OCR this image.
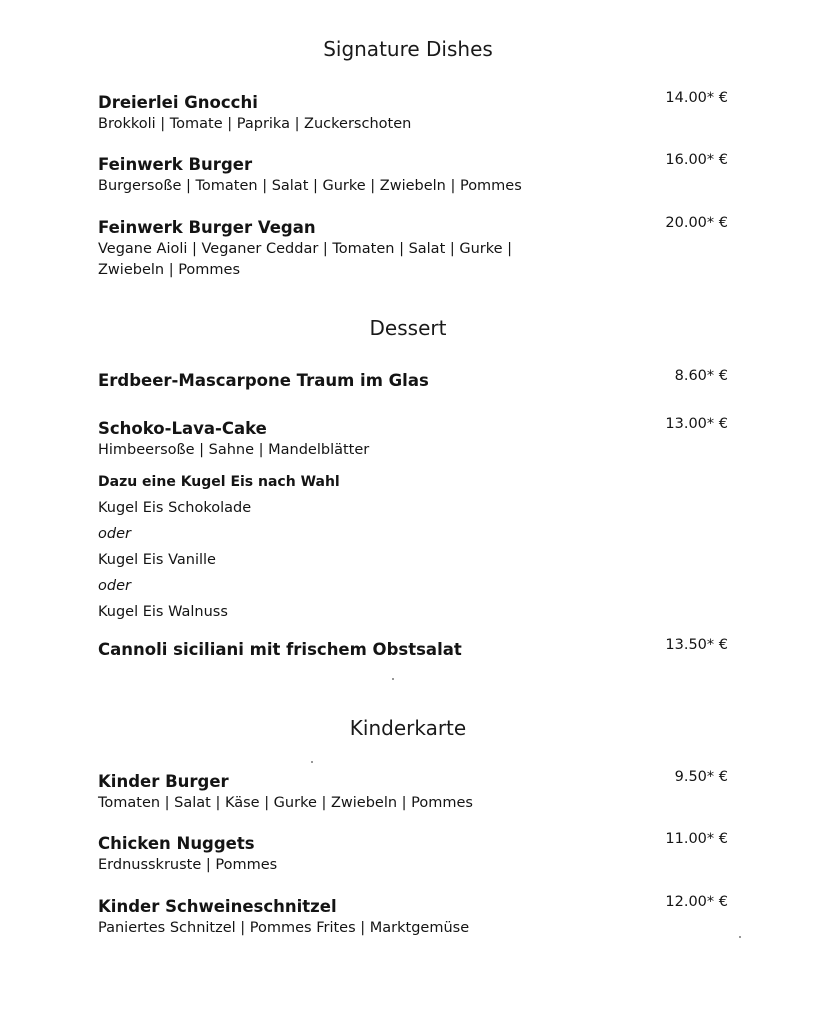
Signature Dishes
Dreierlei Gnocchi
Brokkoli | Tomate | Paprika | Zuckerschoten
14.00* €
Feinwerk Burger
Burgersoße | Tomaten | Salat | Gurke | Zwiebeln | Pommes
16.00* €
Feinwerk Burger Vegan
Vegane Aioli | Veganer Ceddar | Tomaten | Salat | Gurke | Zwiebeln | Pommes
20.00* €
Dessert
Erdbeer-Mascarpone Traum im Glas	8.60* €
Schoko-Lava-Cake
Himbeersoße | Sahne | Mandelblätter
13.00* €
Dazu eine Kugel Eis nach Wahl
Kugel Eis Schokolade
oder
Kugel Eis Vanille
oder
Kugel Eis Walnuss
Cannoli siciliani mit frischem Obstsalat	13.50* €
Kinderkarte
Kinder Burger
Tomaten | Salat | Käse | Gurke | Zwiebeln | Pommes
9.50* €
Chicken Nuggets
Erdnusskruste | Pommes
11.00* €
Kinder Schweineschnitzel
Paniertes Schnitzel | Pommes Frites | Marktgemüse
12.00* €
